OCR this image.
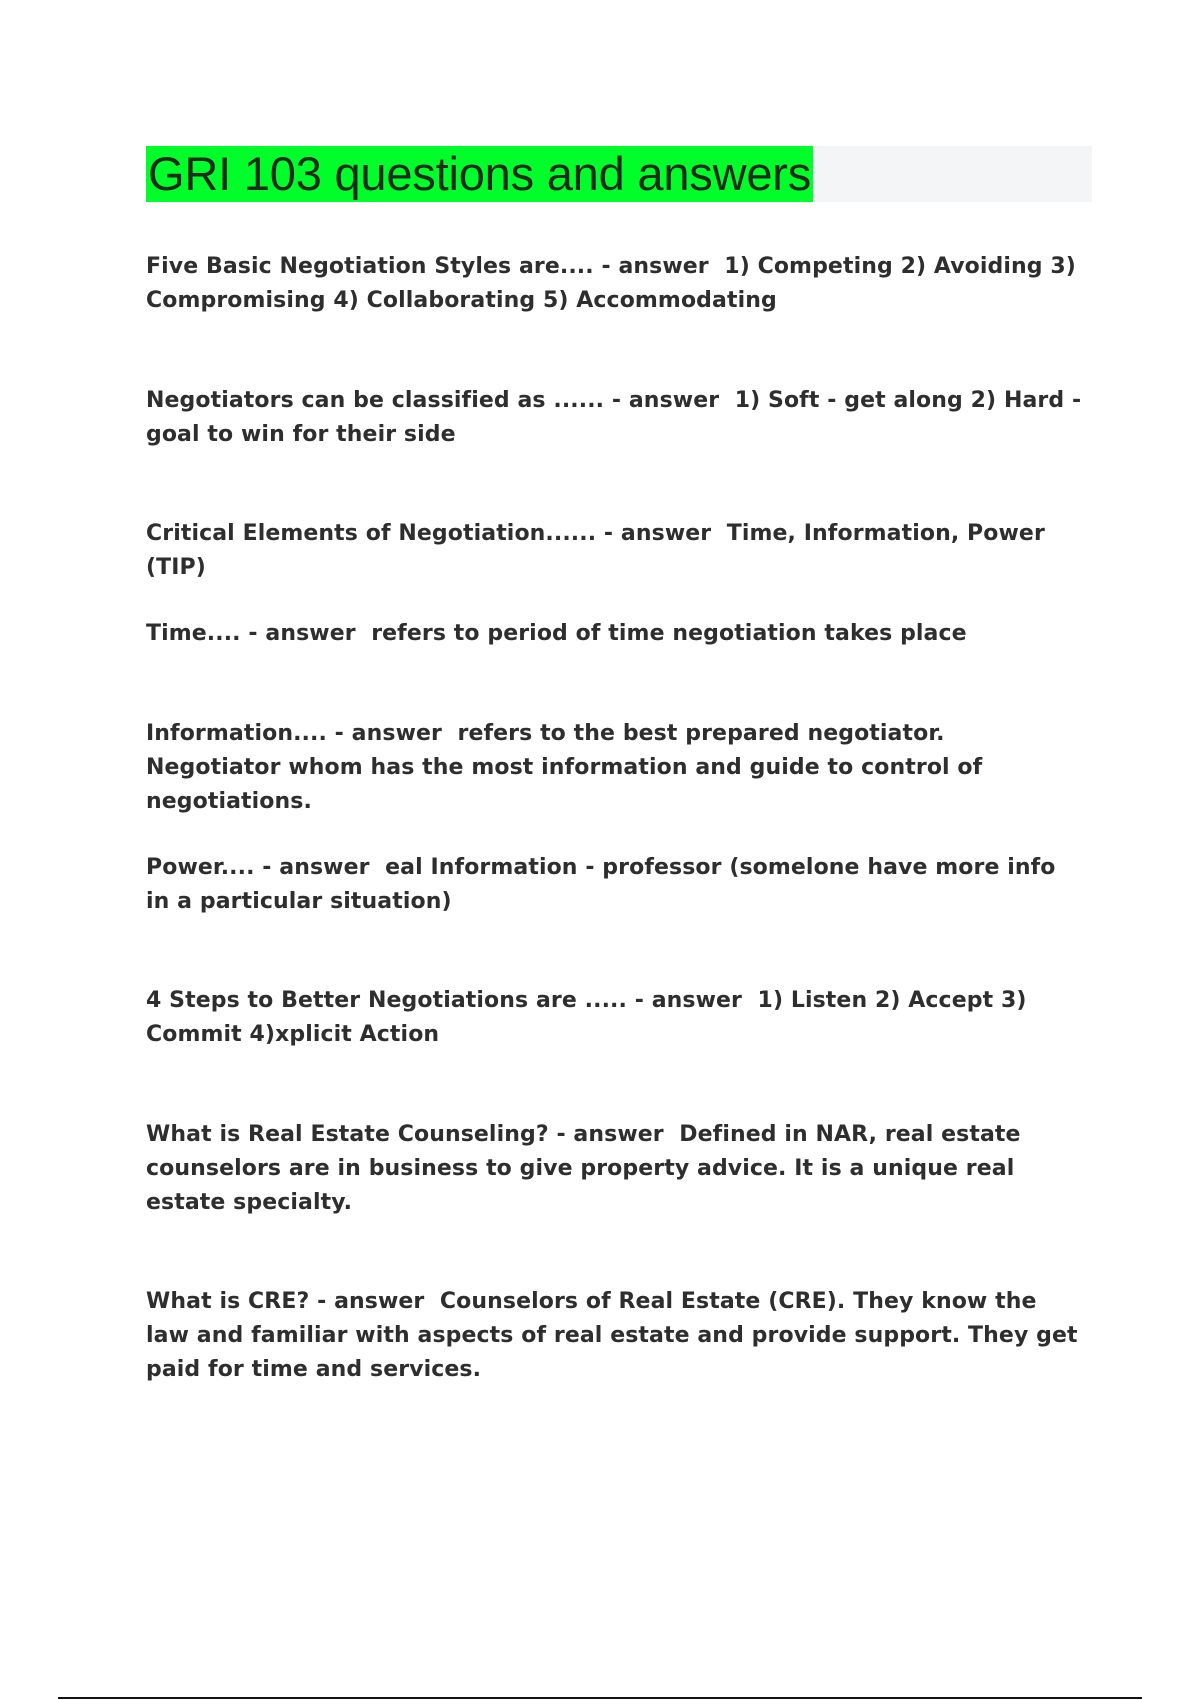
GRI 103 questions and answers
Five Basic Negotiation Styles are.... - answer 1) Competing 2) Avoiding 3) Compromising 4) Collaborating 5) Accommodating
Negotiators can be classified as ...... - answer 1) Soft - get along 2) Hard - goal to win for their side
Critical Elements of Negotiation...... - answer Time, Information, Power (TIP)
Time.... - answer refers to period of time negotiation takes place
Information.... - answer refers to the best prepared negotiator. Negotiator whom has the most information and guide to control of negotiations.
Power.... - answer eal Information - professor (somelone have more info in a particular situation)
4 Steps to Better Negotiations are ..... - answer 1) Listen 2) Accept 3) Commit 4)xplicit Action
What is Real Estate Counseling? - answer Defined in NAR, real estate counselors are in business to give property advice. It is a unique real estate specialty.
What is CRE? - answer Counselors of Real Estate (CRE). They know the law and familiar with aspects of real estate and provide support. They get paid for time and services.
